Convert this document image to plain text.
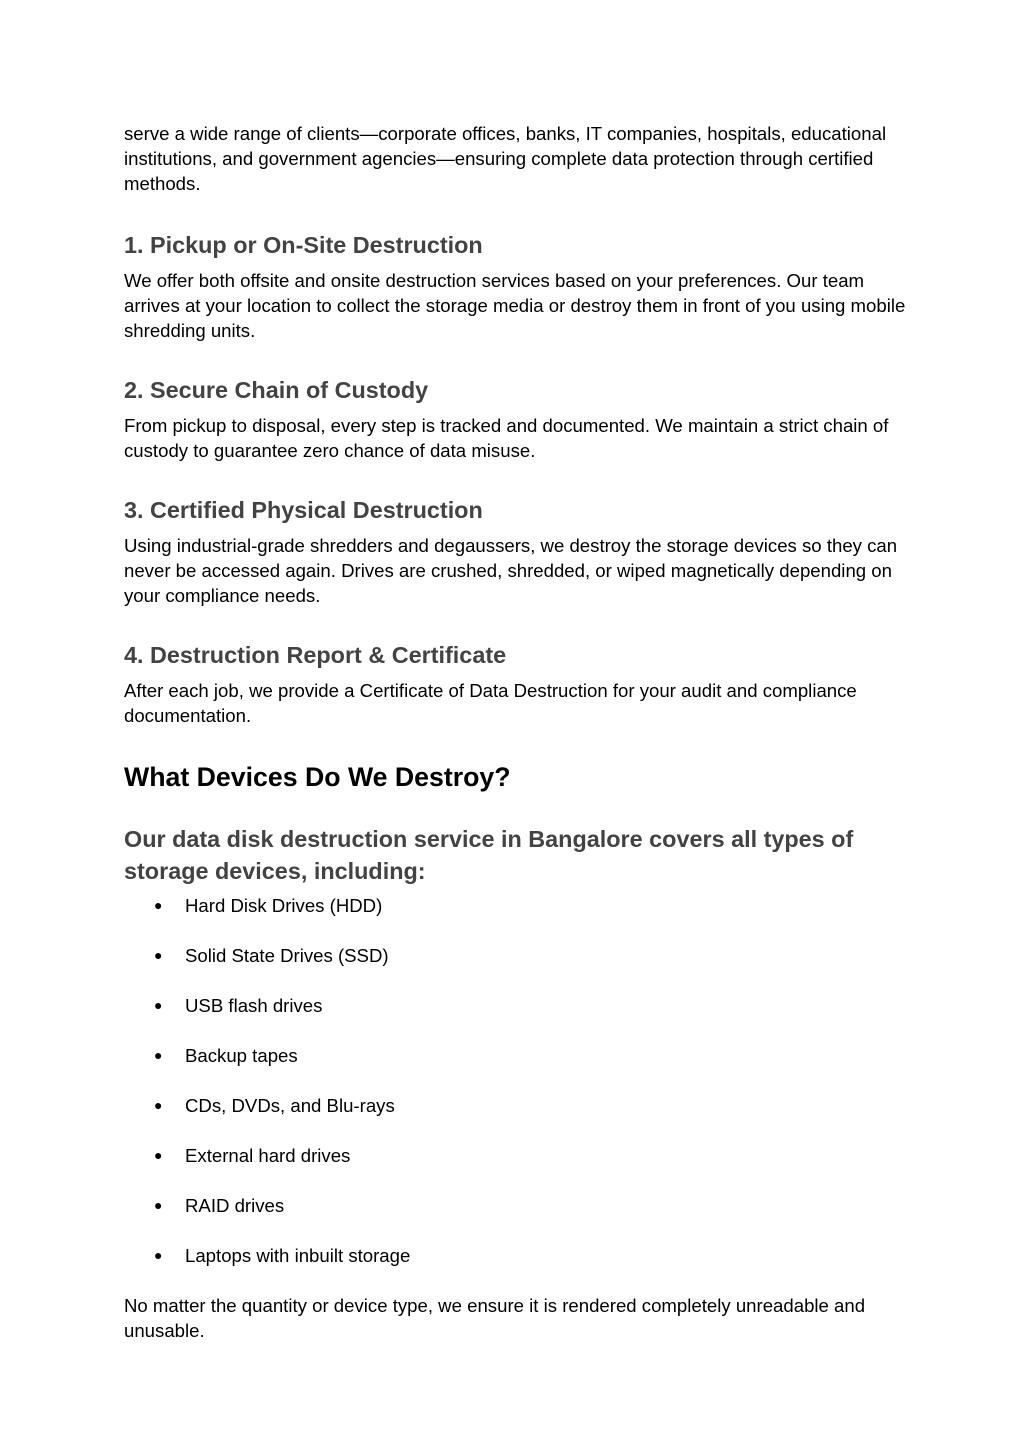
serve a wide range of clients—corporate offices, banks, IT companies, hospitals, educational institutions, and government agencies—ensuring complete data protection through certified methods.

1. Pickup or On-Site Destruction

We offer both offsite and onsite destruction services based on your preferences. Our team arrives at your location to collect the storage media or destroy them in front of you using mobile shredding units.

2. Secure Chain of Custody

From pickup to disposal, every step is tracked and documented. We maintain a strict chain of custody to guarantee zero chance of data misuse.

3. Certified Physical Destruction

Using industrial-grade shredders and degaussers, we destroy the storage devices so they can never be accessed again. Drives are crushed, shredded, or wiped magnetically depending on your compliance needs.

4. Destruction Report & Certificate

After each job, we provide a Certificate of Data Destruction for your audit and compliance documentation.

What Devices Do We Destroy?
Our data disk destruction service in Bangalore covers all types of storage devices, including:
● Hard Disk Drives (HDD)
● Solid State Drives (SSD)
● USB flash drives
● Backup tapes
● CDs, DVDs, and Blu-rays
● External hard drives
● RAID drives
● Laptops with inbuilt storage

No matter the quantity or device type, we ensure it is rendered completely unreadable and unusable.
